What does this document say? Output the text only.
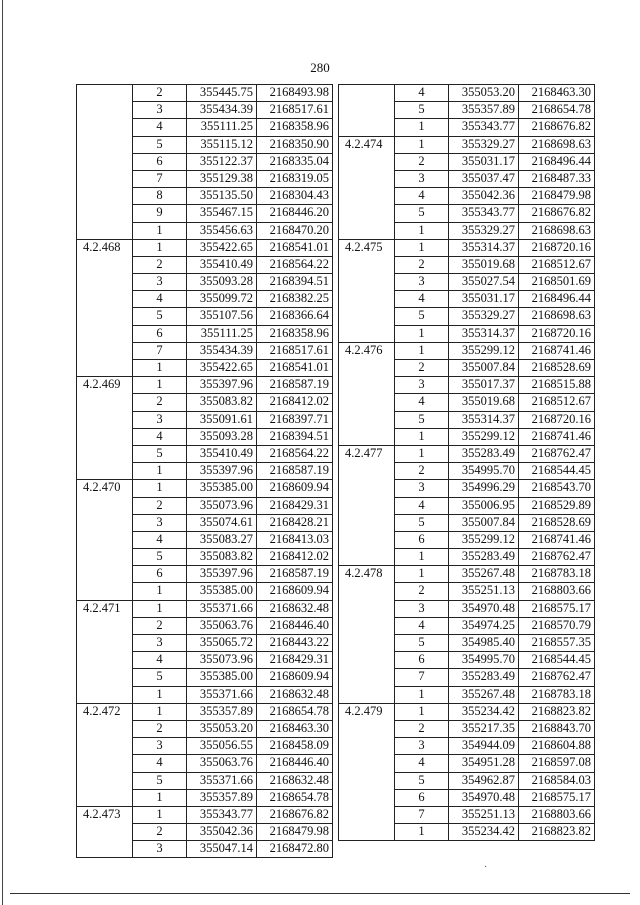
280
	2	355445.75	2168493.98
	3	355434.39	2168517.61
	4	355111.25	2168358.96
	5	355115.12	2168350.90
	6	355122.37	2168335.04
	7	355129.38	2168319.05
	8	355135.50	2168304.43
	9	355467.15	2168446.20
	1	355456.63	2168470.20
4.2.468	1	355422.65	2168541.01
	2	355410.49	2168564.22
	3	355093.28	2168394.51
	4	355099.72	2168382.25
	5	355107.56	2168366.64
	6	355111.25	2168358.96
	7	355434.39	2168517.61
	1	355422.65	2168541.01
4.2.469	1	355397.96	2168587.19
	2	355083.82	2168412.02
	3	355091.61	2168397.71
	4	355093.28	2168394.51
	5	355410.49	2168564.22
	1	355397.96	2168587.19
4.2.470	1	355385.00	2168609.94
	2	355073.96	2168429.31
	3	355074.61	2168428.21
	4	355083.27	2168413.03
	5	355083.82	2168412.02
	6	355397.96	2168587.19
	1	355385.00	2168609.94
4.2.471	1	355371.66	2168632.48
	2	355063.76	2168446.40
	3	355065.72	2168443.22
	4	355073.96	2168429.31
	5	355385.00	2168609.94
	1	355371.66	2168632.48
4.2.472	1	355357.89	2168654.78
	2	355053.20	2168463.30
	3	355056.55	2168458.09
	4	355063.76	2168446.40
	5	355371.66	2168632.48
	1	355357.89	2168654.78
4.2.473	1	355343.77	2168676.82
	2	355042.36	2168479.98
	3	355047.14	2168472.80
	4	355053.20	2168463.30
	5	355357.89	2168654.78
	1	355343.77	2168676.82
4.2.474	1	355329.27	2168698.63
	2	355031.17	2168496.44
	3	355037.47	2168487.33
	4	355042.36	2168479.98
	5	355343.77	2168676.82
	1	355329.27	2168698.63
4.2.475	1	355314.37	2168720.16
	2	355019.68	2168512.67
	3	355027.54	2168501.69
	4	355031.17	2168496.44
	5	355329.27	2168698.63
	1	355314.37	2168720.16
4.2.476	1	355299.12	2168741.46
	2	355007.84	2168528.69
	3	355017.37	2168515.88
	4	355019.68	2168512.67
	5	355314.37	2168720.16
	1	355299.12	2168741.46
4.2.477	1	355283.49	2168762.47
	2	354995.70	2168544.45
	3	354996.29	2168543.70
	4	355006.95	2168529.89
	5	355007.84	2168528.69
	6	355299.12	2168741.46
	1	355283.49	2168762.47
4.2.478	1	355267.48	2168783.18
	2	355251.13	2168803.66
	3	354970.48	2168575.17
	4	354974.25	2168570.79
	5	354985.40	2168557.35
	6	354995.70	2168544.45
	7	355283.49	2168762.47
	1	355267.48	2168783.18
4.2.479	1	355234.42	2168823.82
	2	355217.35	2168843.70
	3	354944.09	2168604.88
	4	354951.28	2168597.08
	5	354962.87	2168584.03
	6	354970.48	2168575.17
	7	355251.13	2168803.66
	1	355234.42	2168823.82
·
